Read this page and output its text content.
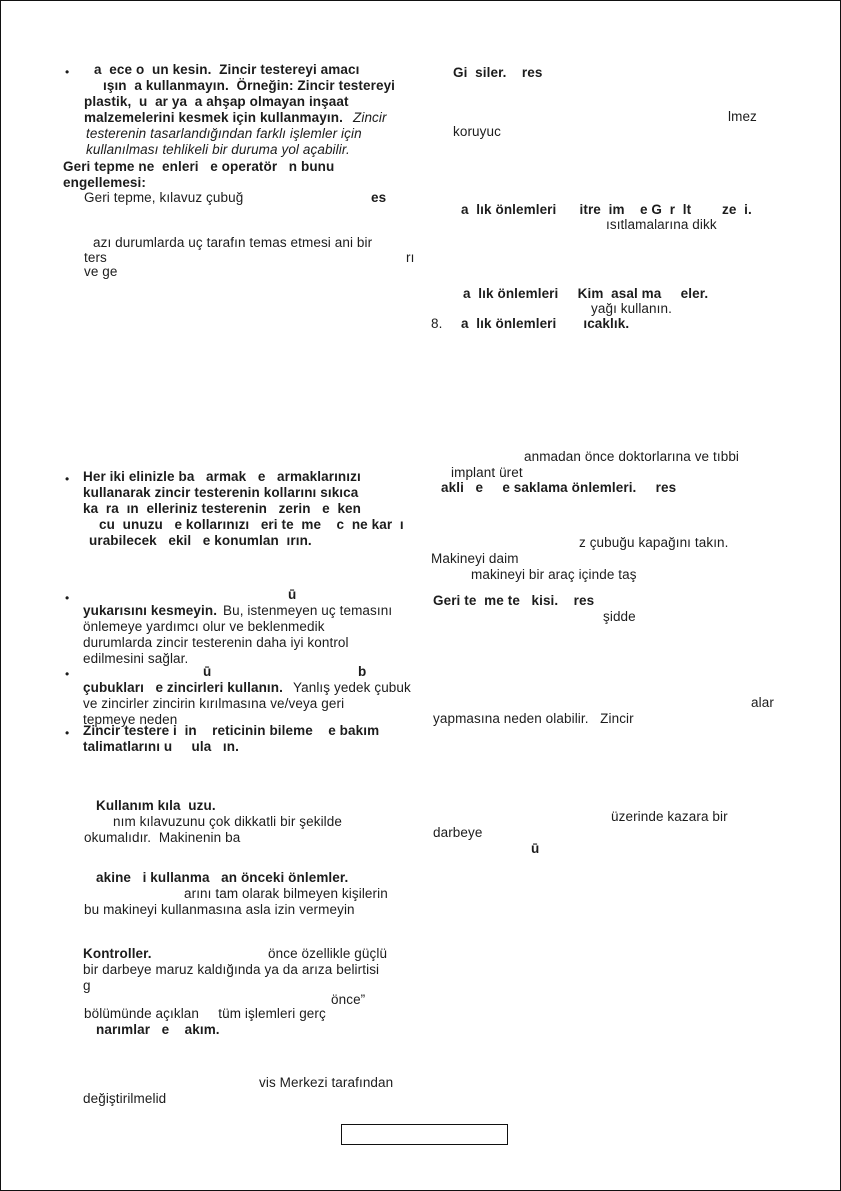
• a  ece o  un kesin.  Zincir testereyi amacı
ışın  a kullanmayın.  Örneğin: Zincir testereyi
plastik,  u  ar ya  a ahşap olmayan inşaat
malzemelerini kesmek için kullanmayın. Zincir
testerenin tasarlandığından farklı işlemler için
kullanılması tehlikeli bir duruma yol açabilir.
Geri tepme ne  enleri   e operatör   n bunu
engellemesi:
Geri tepme, kılavuz çubuğ	es
azı durumlarda uç tarafın temas etmesi ani bir
ters	rı
ve ge
• Her iki elinizle ba   armak   e   armaklarınızı
kullanarak zincir testerenin kollarını sıkıca
ka  ra  ın  elleriniz testerenin   zerin   e  ken
cu  unuzu   e kollarınızı   eri te  me    c  ne kar  ı
urabilecek   ekil   e konumlan  ırın.
•	ū
yukarısını kesmeyin. Bu, istenmeyen uç temasını
önlemeye yardımcı olur ve beklenmedik
durumlarda zincir testerenin daha iyi kontrol
edilmesini sağlar.
•	ū	b
çubukları   e zincirleri kullanın. Yanlış yedek çubuk
ve zincirler zincirin kırılmasına ve/veya geri
tepmeye neden
• Zincir testere i  in    reticinin bileme    e bakım
talimatlarını u     ula   ın.
Kullanım kıla  uzu.
nım kılavuzunu çok dikkatli bir şekilde
okumalıdır.  Makinenin ba
akine   i kullanma   an önceki önlemler.
arını tam olarak bilmeyen kişilerin
bu makineyi kullanmasına asla izin vermeyin
Kontroller.	önce özellikle güçlü
bir darbeye maruz kaldığında ya da arıza belirtisi
g
önce”
bölümünde açıklan     tüm işlemleri gerç
narımlar   e    akım.
vis Merkezi tarafından
değiştirilmelid
Gi  siler.    res
lmez
koruyuc
a  lık önlemleri      itre  im    e G  r  lt        ze  i.
ısıtlamalarına dikk
a  lık önlemleri     Kim  asal ma     eler.
yağı kullanın.
8. a  lık önlemleri       ıcaklık.
anmadan önce doktorlarına ve tıbbi
implant üret
akli   e     e saklama önlemleri.     res
z çubuğu kapağını takın.
Makineyi daim
makineyi bir araç içinde taş
Geri te  me te   kisi.    res
şidde
alar
yapmasına neden olabilir.   Zincir
üzerinde kazara bir
darbeye
ū
